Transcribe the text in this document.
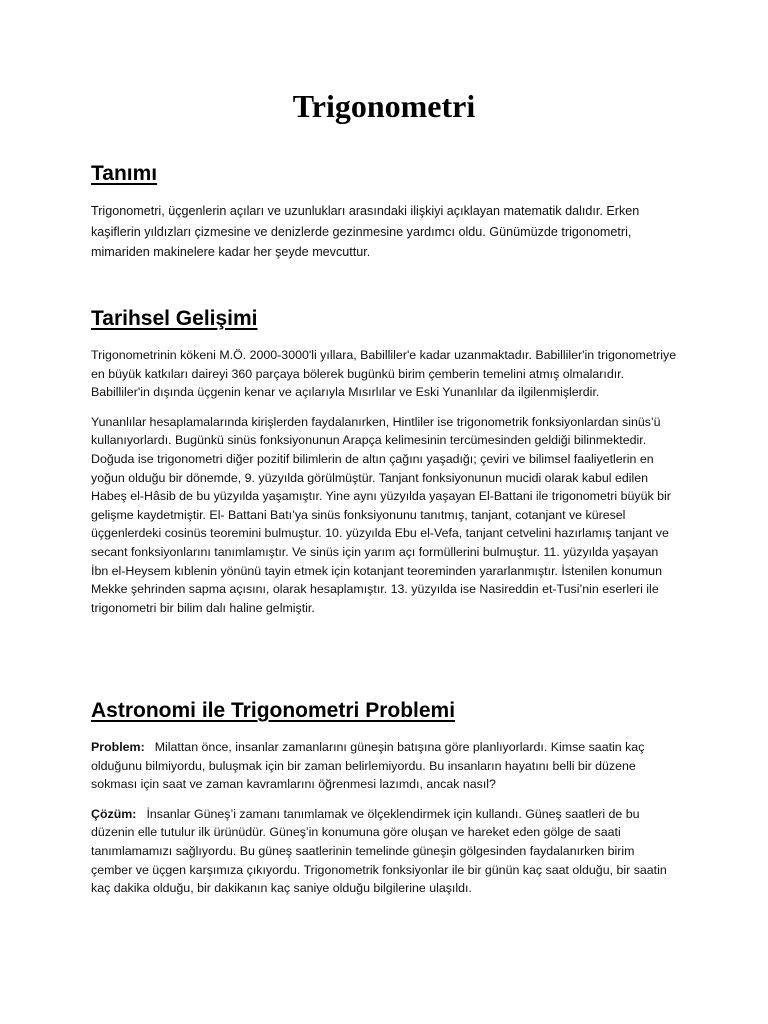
Trigonometri
Tanımı

Trigonometri, üçgenlerin açıları ve uzunlukları arasındaki ilişkiyi açıklayan matematik dalıdır. Erken kaşiflerin yıldızları çizmesine ve denizlerde gezinmesine yardımcı oldu. Günümüzde trigonometri, mimariden makinelere kadar her şeyde mevcuttur.

Tarihsel Gelişimi

Trigonometrinin kökeni M.Ö. 2000-3000'li yıllara, Babilliler'e kadar uzanmaktadır. Babilliler'in trigonometriye en büyük katkıları daireyi 360 parçaya bölerek bugünkü birim çemberin temelini atmış olmalarıdır. Babilliler'in dışında üçgenin kenar ve açılarıyla Mısırlılar ve Eski Yunanlılar da ilgilenmişlerdir.

Yunanlılar hesaplamalarında kirişlerden faydalanırken, Hintliler ise trigonometrik fonksiyonlardan sinüs’ü kullanıyorlardı. Bugünkü sinüs fonksiyonunun Arapça kelimesinin tercümesinden geldiği bilinmektedir. Doğuda ise trigonometri diğer pozitif bilimlerin de altın çağını yaşadığı; çeviri ve bilimsel faaliyetlerin en yoğun olduğu bir dönemde, 9. yüzyılda görülmüştür. Tanjant fonksiyonunun mucidi olarak kabul edilen Habeş el-Hâsib de bu yüzyılda yaşamıştır. Yine aynı yüzyılda yaşayan El-Battani ile trigonometri büyük bir gelişme kaydetmiştir. El- Battani Batı’ya sinüs fonksiyonunu tanıtmış, tanjant, cotanjant ve küresel üçgenlerdeki cosinüs teoremini bulmuştur. 10. yüzyılda Ebu el-Vefa, tanjant cetvelini hazırlamış tanjant ve secant fonksiyonlarını tanımlamıştır. Ve sinüs için yarım açı formüllerini bulmuştur. 11. yüzyılda yaşayan İbn el-Heysem kıblenin yönünü tayin etmek için kotanjant teoreminden yararlanmıştır. İstenilen konumun Mekke şehrinden sapma açısını, olarak hesaplamıştır. 13. yüzyılda ise Nasireddin et-Tusi’nin eserleri ile trigonometri bir bilim dalı haline gelmiştir.

Astronomi ile Trigonometri Problemi

Problem: Milattan önce, insanlar zamanlarını güneşin batışına göre planlıyorlardı. Kimse saatin kaç olduğunu bilmiyordu, buluşmak için bir zaman belirlemiyordu. Bu insanların hayatını belli bir düzene sokması için saat ve zaman kavramlarını öğrenmesi lazımdı, ancak nasıl?

Çözüm: İnsanlar Güneş’i zamanı tanımlamak ve ölçeklendirmek için kullandı. Güneş saatleri de bu düzenin elle tutulur ilk ürünüdür. Güneş’in konumuna göre oluşan ve hareket eden gölge de saati tanımlamamızı sağlıyordu. Bu güneş saatlerinin temelinde güneşin gölgesinden faydalanırken birim çember ve üçgen karşımıza çıkıyordu. Trigonometrik fonksiyonlar ile bir günün kaç saat olduğu, bir saatin kaç dakika olduğu, bir dakikanın kaç saniye olduğu bilgilerine ulaşıldı.
